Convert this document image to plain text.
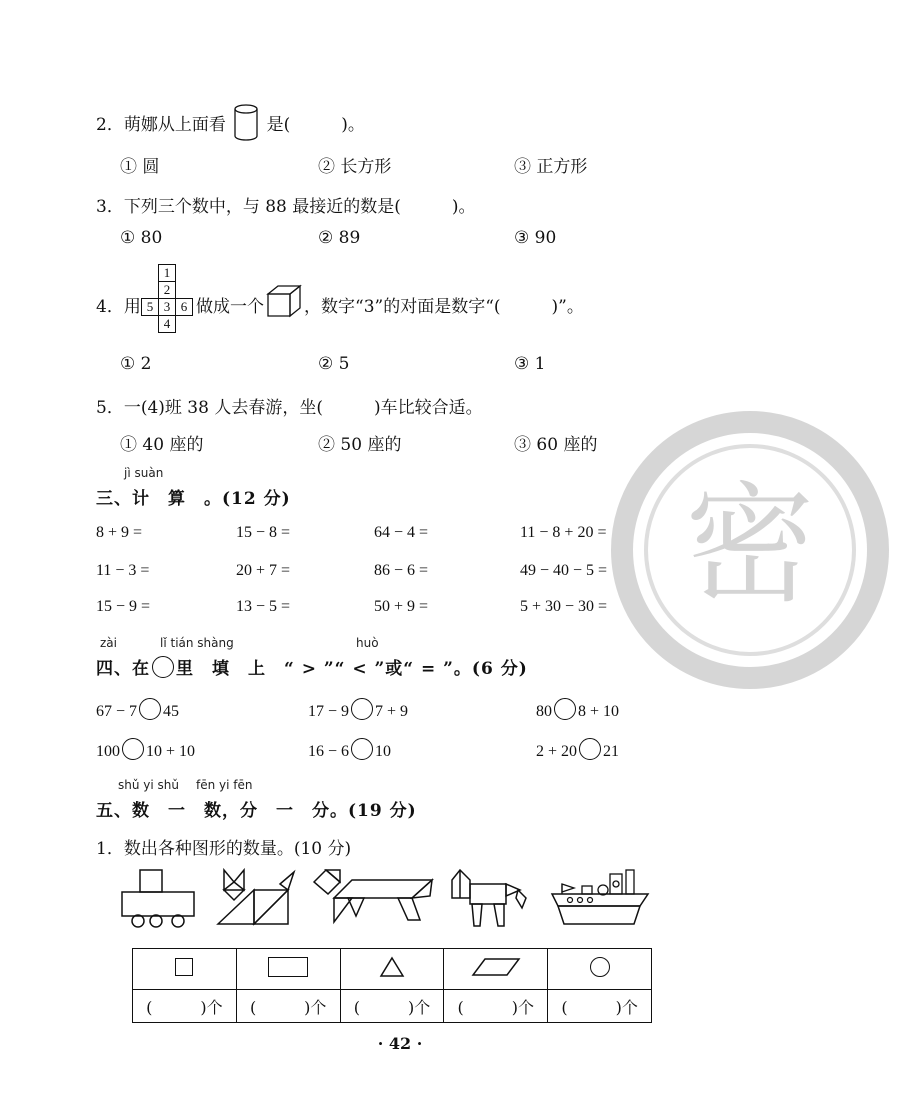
2．萌娜从上面看 是(　　　)。
① 圆	② 长方形	③ 正方形
3．下列三个数中，与 88 最接近的数是(　　　)。
① 80	② 89	③ 90
4．用
1
2
5 3 6
4
做成一个 ，数字“3”的对面是数字“(　　　)”。
① 2	② 5	③ 1
5．一(4)班 38 人去春游，坐(　　　)车比较合适。
① 40 座的	② 50 座的	③ 60 座的
jì suàn
三、计　算　。(12 分)
8 + 9 =	15 − 8 =	64 − 4 =	11 − 8 + 20 =
11 − 3 =	20 + 7 =	86 − 6 =	49 − 40 − 5 =
15 − 9 =	13 − 5 =	50 + 9 =	5 + 30 − 30 =
zài	lǐ tián shàng	huò
四、在 里　填　上　“ > ”“ < ”或“ = ”。(6 分)
67 − 7 45	17 − 9 7 + 9	80 8 + 10
100 10 + 10	16 − 6 10	2 + 20 21
shǔ yi shǔ fēn yi fēn
五、数　一　数，分　一　分。(19 分)
1．数出各种图形的数量。(10 分)

(　　　)个	(　　　)个	(　　　)个	(　　　)个	(　　　)个
· 42 ·
密
